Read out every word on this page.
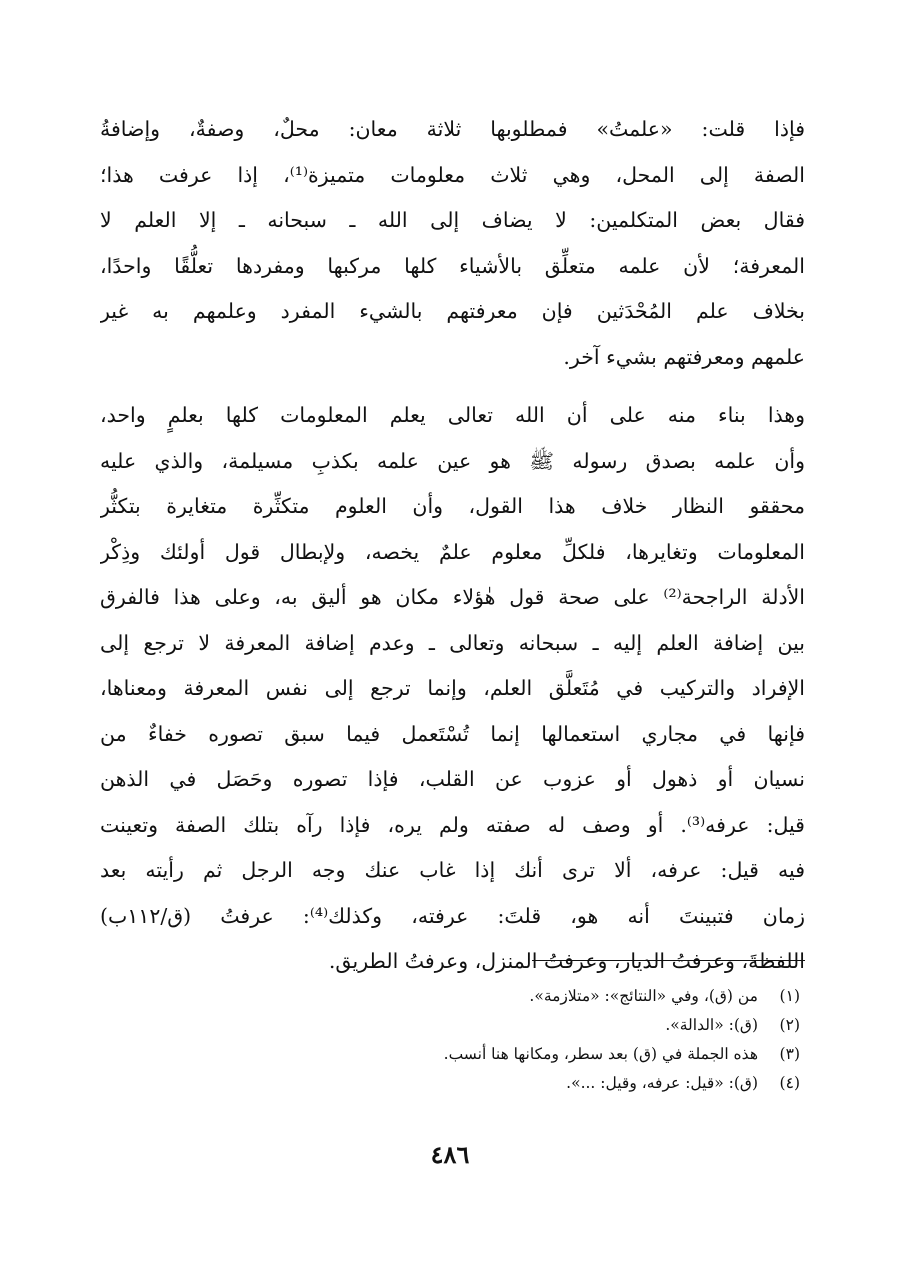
فإذا قلت: «علمتُ» فمطلوبها ثلاثة معان: محلٌ، وصفةٌ، وإضافةُ
الصفة إلى المحل، وهي ثلاث معلومات متميزة⁽¹⁾، إذا عرفت هذا؛
فقال بعض المتكلمين: لا يضاف إلى الله ـ سبحانه ـ إلا العلم لا
المعرفة؛ لأن علمه متعلِّق بالأشياء كلها مركبها ومفردها تعلُّقًا واحدًا،
بخلاف علم المُحْدَثين فإن معرفتهم بالشيء المفرد وعلمهم به غير
علمهم ومعرفتهم بشيء آخر.
وهذا بناء منه على أن الله تعالى يعلم المعلومات كلها بعلمٍ واحد،
وأن علمه بصدق رسوله ﷺ هو عين علمه بكذبِ مسيلمة، والذي عليه
محققو النظار خلاف هذا القول، وأن العلوم متكثِّرة متغايرة بتكثُّر
المعلومات وتغايرها، فلكلِّ معلوم علمٌ يخصه، ولإبطال قول أولئك وذِكْر
الأدلة الراجحة⁽²⁾ على صحة قول هٰؤلاء مكان هو أليق به، وعلى هذا فالفرق
بين إضافة العلم إليه ـ سبحانه وتعالى ـ وعدم إضافة المعرفة لا ترجع إلى
الإفراد والتركيب في مُتَعلَّق العلم، وإنما ترجع إلى نفس المعرفة ومعناها،
فإنها في مجاري استعمالها إنما تُسْتَعمل فيما سبق تصوره خفاءٌ من
نسيان أو ذهول أو عزوب عن القلب، فإذا تصوره وحَصَل في الذهن
قيل: عرفه⁽³⁾. أو وصف له صفته ولم يره، فإذا رآه بتلك الصفة وتعينت
فيه قيل: عرفه، ألا ترى أنك إذا غاب عنك وجه الرجل ثم رأيته بعد
زمان فتبينتَ أنه هو، قلتَ: عرفته، وكذلك⁽⁴⁾: عرفتُ (ق/١١٢ب)
اللفظةَ، وعرفتُ الديار، وعرفتُ المنزل، وعرفتُ الطريق.
(١)من (ق)، وفي «النتائج»: «متلازمة».
(٢)(ق): «الدالة».
(٣)هذه الجملة في (ق) بعد سطر، ومكانها هنا أنسب.
(٤)(ق): «قيل: عرفه، وقيل: ...».
٤٨٦
